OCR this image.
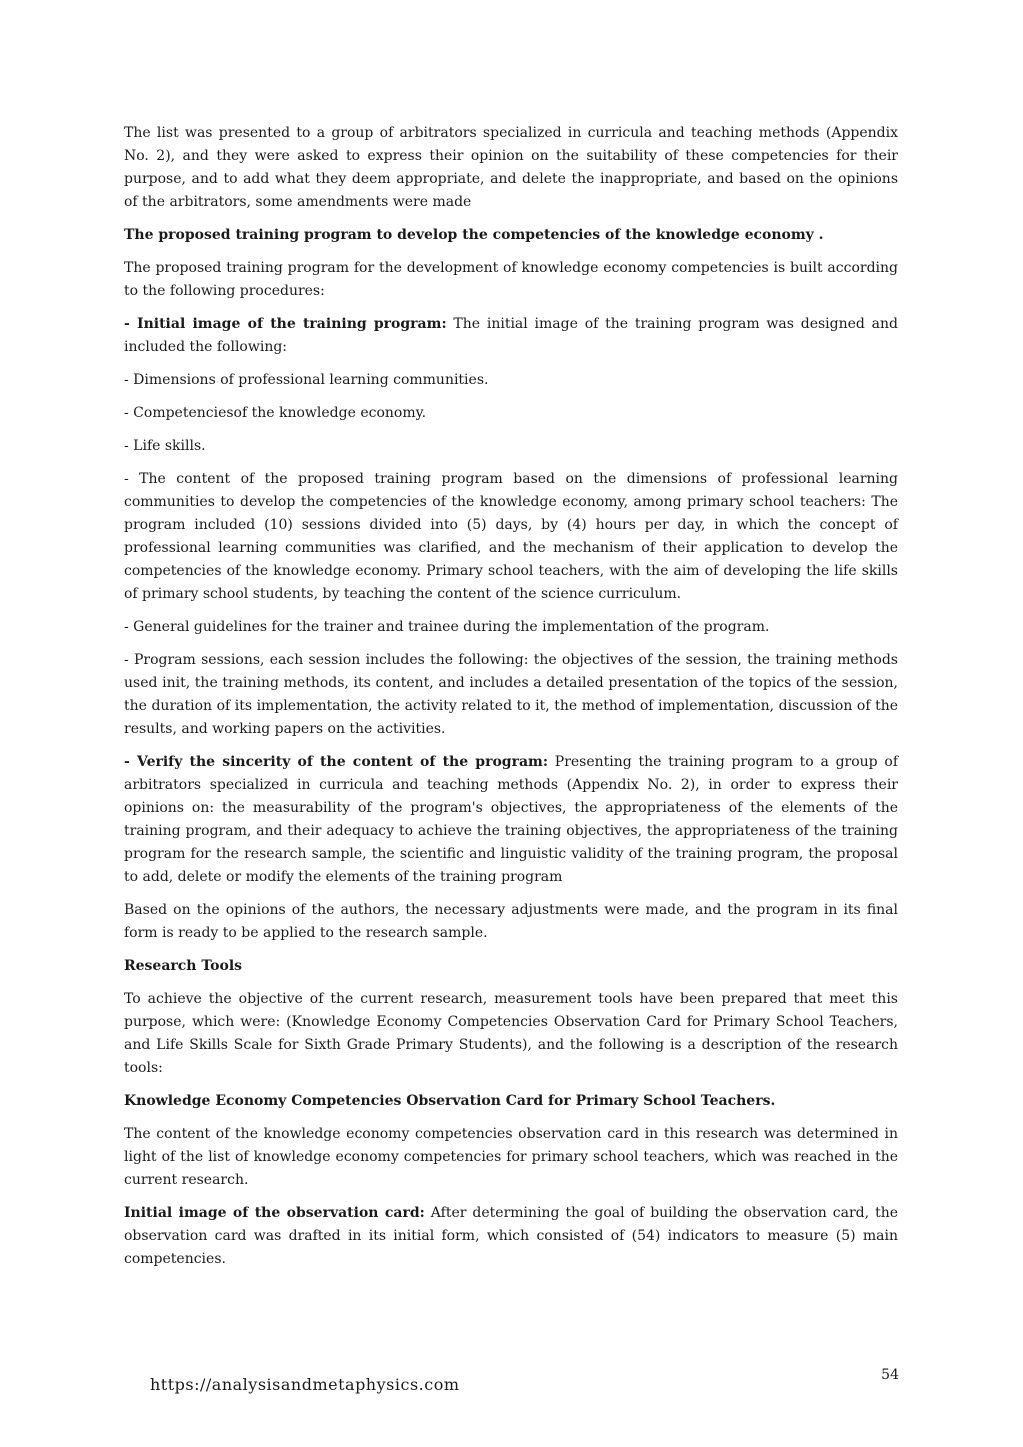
The list was presented to a group of arbitrators specialized in curricula and teaching methods (Appendix No. 2), and they were asked to express their opinion on the suitability of these competencies for their purpose, and to add what they deem appropriate, and delete the inappropriate, and based on the opinions of the arbitrators, some amendments were made

The proposed training program to develop the competencies of the knowledge economy .

The proposed training program for the development of knowledge economy competencies is built according to the following procedures:

- Initial image of the training program: The initial image of the training program was designed and included the following:

- Dimensions of professional learning communities.

- Competenciesof the knowledge economy.

- Life skills.

- The content of the proposed training program based on the dimensions of professional learning communities to develop the competencies of the knowledge economy, among primary school teachers: The program included (10) sessions divided into (5) days, by (4) hours per day, in which the concept of professional learning communities was clarified, and the mechanism of their application to develop the competencies of the knowledge economy. Primary school teachers, with the aim of developing the life skills of primary school students, by teaching the content of the science curriculum.

- General guidelines for the trainer and trainee during the implementation of the program.

- Program sessions, each session includes the following: the objectives of the session, the training methods used init, the training methods, its content, and includes a detailed presentation of the topics of the session, the duration of its implementation, the activity related to it, the method of implementation, discussion of the results, and working papers on the activities.

- Verify the sincerity of the content of the program: Presenting the training program to a group of arbitrators specialized in curricula and teaching methods (Appendix No. 2), in order to express their opinions on: the measurability of the program's objectives, the appropriateness of the elements of the training program, and their adequacy to achieve the training objectives, the appropriateness of the training program for the research sample, the scientific and linguistic validity of the training program, the proposal to add, delete or modify the elements of the training program

Based on the opinions of the authors, the necessary adjustments were made, and the program in its final form is ready to be applied to the research sample.

Research Tools

To achieve the objective of the current research, measurement tools have been prepared that meet this purpose, which were: (Knowledge Economy Competencies Observation Card for Primary School Teachers, and Life Skills Scale for Sixth Grade Primary Students), and the following is a description of the research tools:

Knowledge Economy Competencies Observation Card for Primary School Teachers.

The content of the knowledge economy competencies observation card in this research was determined in light of the list of knowledge economy competencies for primary school teachers, which was reached in the current research.

Initial image of the observation card: After determining the goal of building the observation card, the observation card was drafted in its initial form, which consisted of (54) indicators to measure (5) main competencies.

https://analysisandmetaphysics.com	54
